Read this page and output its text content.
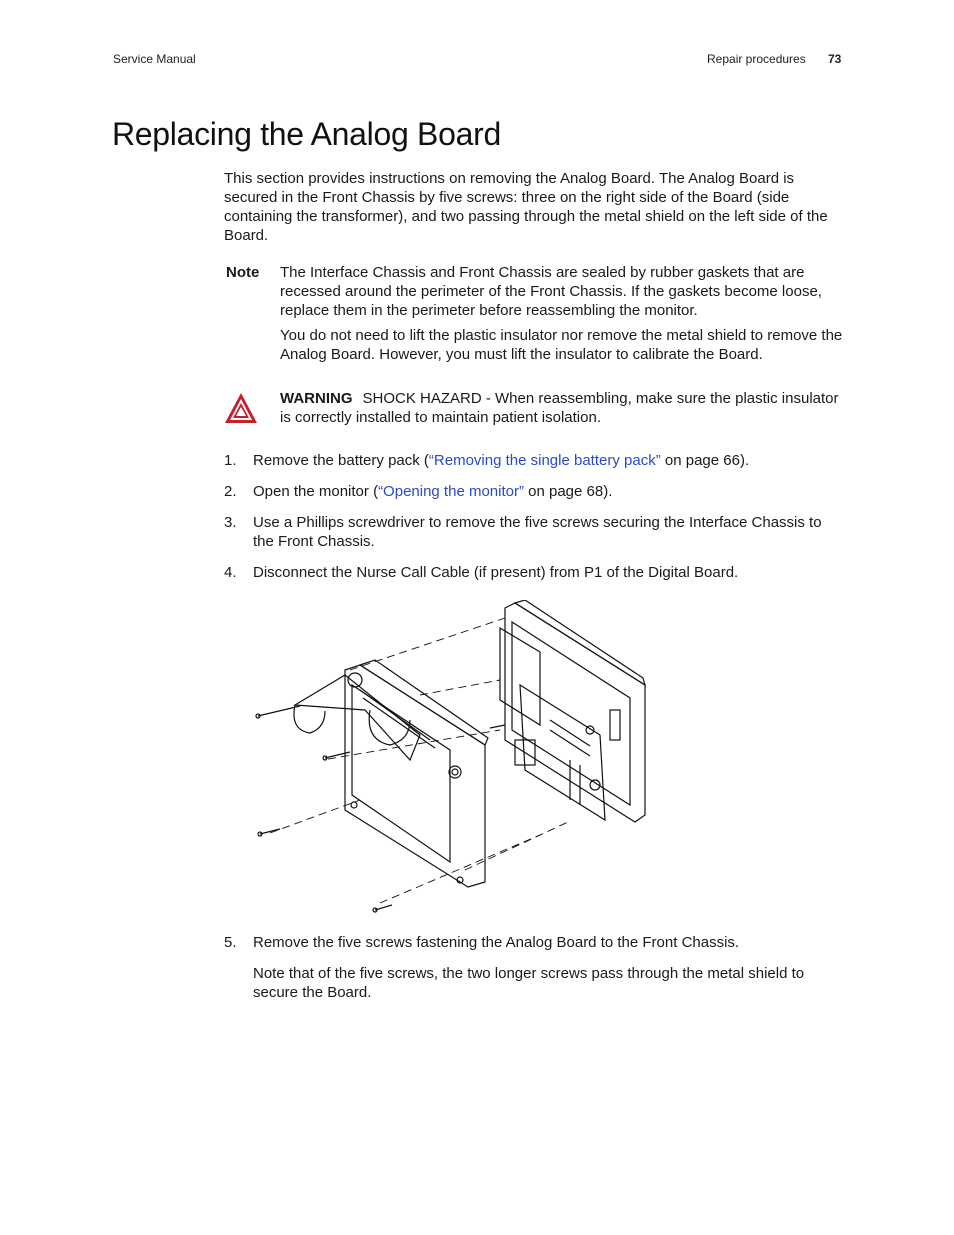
Service Manual	Repair procedures 73
Replacing the Analog Board

This section provides instructions on removing the Analog Board. The Analog Board is secured in the Front Chassis by five screws: three on the right side of the Board (side containing the transformer), and two passing through the metal shield on the left side of the Board.

Note The Interface Chassis and Front Chassis are sealed by rubber gaskets that are recessed around the perimeter of the Front Chassis. If the gaskets become loose, replace them in the perimeter before reassembling the monitor.
You do not need to lift the plastic insulator nor remove the metal shield to remove the Analog Board. However, you must lift the insulator to calibrate the Board.
WARNING SHOCK HAZARD - When reassembling, make sure the plastic insulator is correctly installed to maintain patient isolation.
1. Remove the battery pack (“Removing the single battery pack” on page 66).
2. Open the monitor (“Opening the monitor” on page 68).
3. Use a Phillips screwdriver to remove the five screws securing the Interface Chassis to the Front Chassis.
4. Disconnect the Nurse Call Cable (if present) from P1 of the Digital Board.
5. Remove the five screws fastening the Analog Board to the Front Chassis.
Note that of the five screws, the two longer screws pass through the metal shield to secure the Board.
